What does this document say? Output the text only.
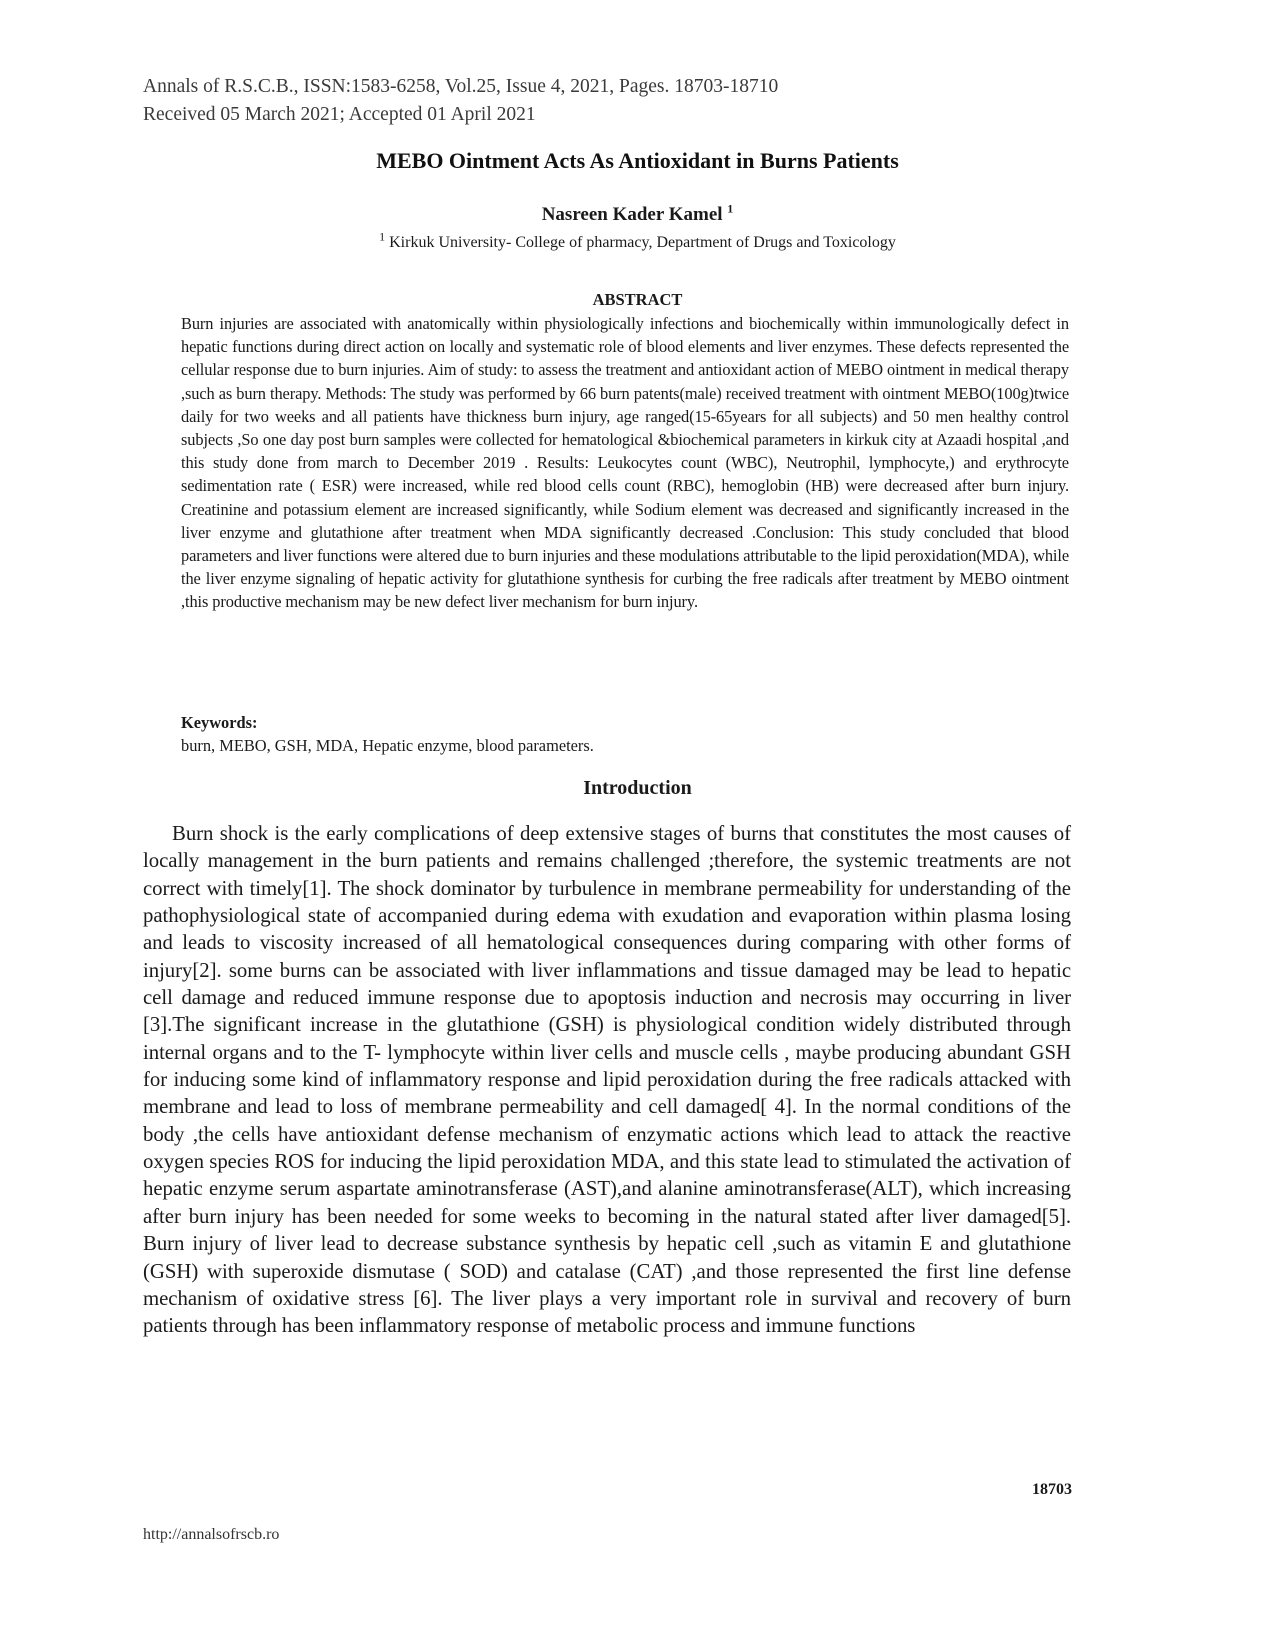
Annals of R.S.C.B., ISSN:1583-6258, Vol.25, Issue 4, 2021, Pages. 18703-18710
Received 05 March 2021; Accepted 01 April 2021
MEBO Ointment Acts As Antioxidant in Burns Patients
Nasreen Kader Kamel $^1$
$^1$ Kirkuk University- College of pharmacy, Department of Drugs and Toxicology
ABSTRACT
Burn injuries are associated with anatomically within physiologically infections and biochemically within immunologically defect in hepatic functions during direct action on locally and systematic role of blood elements and liver enzymes. These defects represented the cellular response due to burn injuries. Aim of study: to assess the treatment and antioxidant action of MEBO ointment in medical therapy ,such as burn therapy. Methods: The study was performed by 66 burn patents(male) received treatment with ointment MEBO(100g)twice daily for two weeks and all patients have thickness burn injury, age ranged(15-65years for all subjects) and 50 men healthy control subjects ,So one day post burn samples were collected for hematological &biochemical parameters in kirkuk city at Azaadi hospital ,and this study done from march to December 2019 . Results: Leukocytes count (WBC), Neutrophil, lymphocyte,) and erythrocyte sedimentation rate ( ESR) were increased, while red blood cells count (RBC), hemoglobin (HB) were decreased after burn injury. Creatinine and potassium element are increased significantly, while Sodium element was decreased and significantly increased in the liver enzyme and glutathione after treatment when MDA significantly decreased .Conclusion: This study concluded that blood parameters and liver functions were altered due to burn injuries and these modulations attributable to the lipid peroxidation(MDA), while the liver enzyme signaling of hepatic activity for glutathione synthesis for curbing the free radicals after treatment by MEBO ointment ,this productive mechanism may be new defect liver mechanism for burn injury.
Keywords:
burn, MEBO, GSH, MDA, Hepatic enzyme, blood parameters.
Introduction
Burn shock is the early complications of deep extensive stages of burns that constitutes the most causes of locally management in the burn patients and remains challenged ;therefore, the systemic treatments are not correct with timely[1]. The shock dominator by turbulence in membrane permeability for understanding of the pathophysiological state of accompanied during edema with exudation and evaporation within plasma losing and leads to viscosity increased of all hematological consequences during comparing with other forms of injury[2]. some burns can be associated with liver inflammations and tissue damaged may be lead to hepatic cell damage and reduced immune response due to apoptosis induction and necrosis may occurring in liver [3].The significant increase in the glutathione (GSH) is physiological condition widely distributed through internal organs and to the T- lymphocyte within liver cells and muscle cells , maybe producing abundant GSH for inducing some kind of inflammatory response and lipid peroxidation during the free radicals attacked with membrane and lead to loss of membrane permeability and cell damaged[ 4]. In the normal conditions of the body ,the cells have antioxidant defense mechanism of enzymatic actions which lead to attack the reactive oxygen species ROS for inducing the lipid peroxidation MDA, and this state lead to stimulated the activation of hepatic enzyme serum aspartate aminotransferase (AST),and alanine aminotransferase(ALT), which increasing after burn injury has been needed for some weeks to becoming in the natural stated after liver damaged[5]. Burn injury of liver lead to decrease substance synthesis by hepatic cell ,such as vitamin E and glutathione (GSH) with superoxide dismutase ( SOD) and catalase (CAT) ,and those represented the first line defense mechanism of oxidative stress [6]. The liver plays a very important role in survival and recovery of burn patients through has been inflammatory response of metabolic process and immune functions
18703
http://annalsofrscb.ro
